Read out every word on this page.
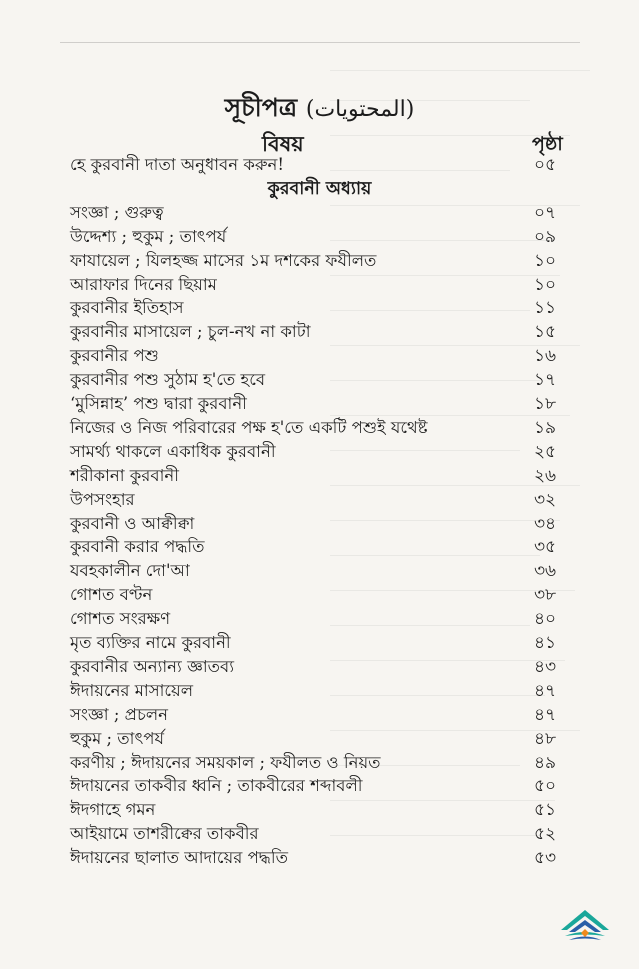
সূচীপত্র (المحتويات)
বিষয়	পৃষ্ঠা
হে কুরবানী দাতা অনুধাবন করুন!	০৫
কুরবানী অধ্যায়
সংজ্ঞা ; গুরুত্ব	০৭
উদ্দেশ্য ; হুকুম ; তাৎপর্য	০৯
ফাযায়েল ; যিলহজ্জ মাসের ১ম দশকের ফযীলত	১০
আরাফার দিনের ছিয়াম	১০
কুরবানীর ইতিহাস	১১
কুরবানীর মাসায়েল ; চুল-নখ না কাটা	১৫
কুরবানীর পশু	১৬
কুরবানীর পশু সুঠাম হ'তে হবে	১৭
‘মুসিন্নাহ’ পশু দ্বারা কুরবানী	১৮
নিজের ও নিজ পরিবারের পক্ষ হ'তে একটি পশুই যথেষ্ট	১৯
সামর্থ্য থাকলে একাধিক কুরবানী	২৫
শরীকানা কুরবানী	২৬
উপসংহার	৩২
কুরবানী ও আক্বীক্বা	৩৪
কুরবানী করার পদ্ধতি	৩৫
যবহকালীন দো'আ	৩৬
গোশত বণ্টন	৩৮
গোশত সংরক্ষণ	৪০
মৃত ব্যক্তির নামে কুরবানী	৪১
কুরবানীর অন্যান্য জ্ঞাতব্য	৪৩
ঈদায়নের মাসায়েল	৪৭
সংজ্ঞা ; প্রচলন	৪৭
হুকুম ; তাৎপর্য	৪৮
করণীয় ; ঈদায়নের সময়কাল ; ফযীলত ও নিয়ত	৪৯
ঈদায়নের তাকবীর ধ্বনি ; তাকবীরের শব্দাবলী	৫০
ঈদগাহে গমন	৫১
আইয়ামে তাশরীক্বের তাকবীর	৫২
ঈদায়নের ছালাত আদায়ের পদ্ধতি	৫৩
